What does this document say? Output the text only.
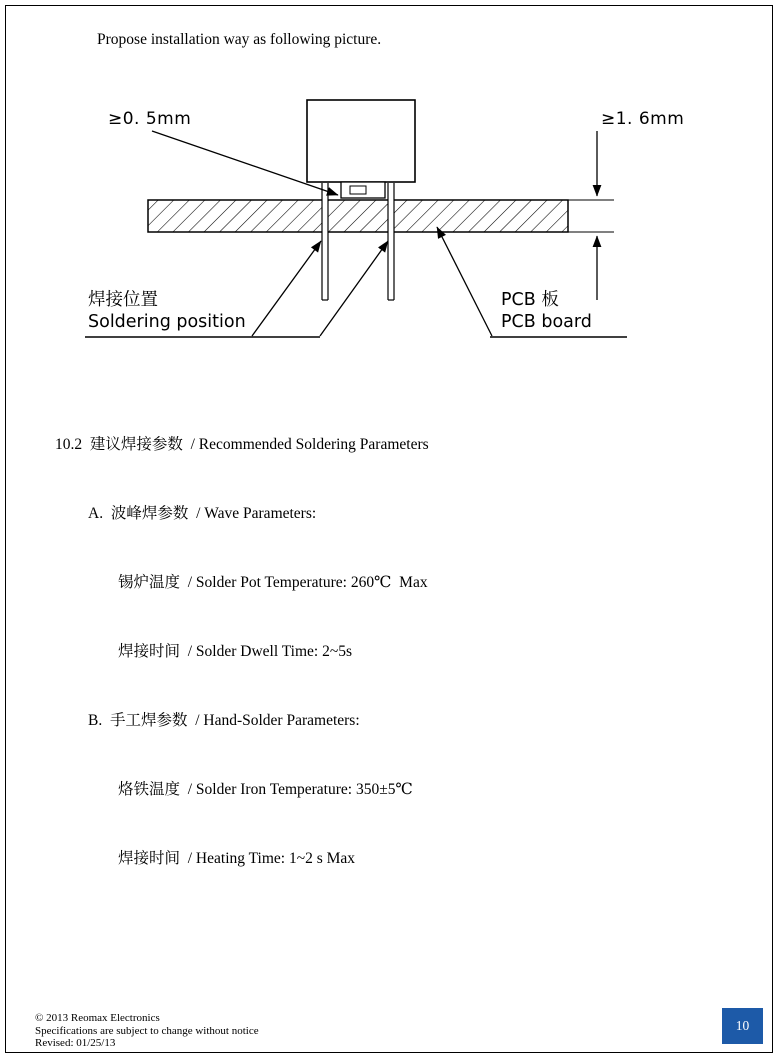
Propose installation way as following picture.
≥0. 5mm	≥1. 6mm
焊接位置
Soldering position
PCB 板
PCB board

10.2  建议焊接参数  / Recommended Soldering Parameters

A.  波峰焊参数  / Wave Parameters:

锡炉温度  / Solder Pot Temperature: 260℃  Max

焊接时间  / Solder Dwell Time: 2~5s

B.  手工焊参数  / Hand-Solder Parameters:

烙铁温度  / Solder Iron Temperature: 350±5℃

焊接时间  / Heating Time: 1~2 s Max

© 2013 Reomax Electronics
Specifications are subject to change without notice
Revised: 01/25/13
10
